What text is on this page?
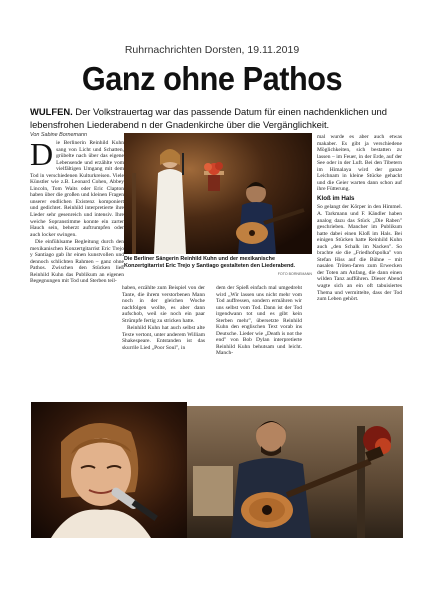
Ruhrnachrichten Dorsten, 19.11.2019
Ganz ohne Pathos
WULFEN. Der Volkstrauertag war das passende Datum für einen nachdenklichen und lebensfrohen Liederabend n der Gnadenkirche über die Vergänglichkeit.
Von Sabine Bornemann

Die Berlinerin Reinhild Kuhn sang von Licht und Schatten, grübelte nach über das eigene Lebensende und erzählte vom vielfältigen Umgang mit dem Tod in verschiedenen Kulturkreisen. Viele Künstler wie z.B. Leonard Cohen, Abbey Lincoln, Tom Waits oder Eric Clapton haben über die großen und kleinen Fragen unserer endlichen Existenz komponiert und gedichtet. Reinhild interpretierte ihre Lieder sehr gesenreich und intensiv. Ihre weiche Sopranstimme konnte ein zarter Hauch sein, beherzt auftrumpfen oder auch locker swingen.

Die einfühlsame Begleitung durch den mexikanischen Konzertgitarrist Eric Trejo y Santiago gab ihr einen kunstvollen und dennoch schlichten Rahmen – ganz ohne Pathos. Zwischen den Stücken ließ Reinhild Kuhn das Publikum an eigenen Begegnungen mit Tod und Sterben teil-

Die Berliner Sängerin Reinhild Kuhn und der mexikanische Konzertgitarrist Eric Trejo y Santiago gestalteten den Liederabend.
FOTO BORNEMANN

haben, erzählte zum Beispiel von der Tante, die ihrem verstorbenen Mann noch in der gleichen Woche nachfolgen wollte, es aber dann aufschob, weil sie noch ein paar Strümpfe fertig zu stricken hatte.

Reinhild Kuhn hat auch selbst alte Texte vertont, unter anderem William Shakespeare. Entstanden ist das skurrile Lied „Poor Soul", in

dem der Spieß einfach mal umgedreht wird „Wir lassen uns nicht mehr vom Tod auffressen, sondern ermähren wir uns selbst vom Tod. Dann ist der Tod irgendwann tot und es gibt kein Sterben mehr", übersetzte Reinhild Kuhn den englischen Text vorab ins Deutsche. Lieder wie „Death is not the end" von Bob Dylan interpretierte Reinhild Kuhn behutsam und leicht. Manch-

mal wurde es aber auch etwas makaber. Es gibt ja verschiedene Möglichkeiten, sich bestatten zu lassen – im Feuer, in der Erde, auf der See oder in der Luft. Bei den Tibetern im Himalaya wird der ganze Leichnam in kleine Stücke gehackt und die Geier warten dann schon auf ihre Fütterung.

Kloß im Hals

So gelangt der Körper in den Himmel. A. Tarkmann und F. Kändler haben analog dazu das Stück „Die Raben" geschrieben. Mancher im Publikum hatte dabei einen Kloß im Hals. Bei einigen Stücken hatte Reinhild Kuhn auch „den Schalk im Nacken". So brachte sie die „Friedhofspolka" von Stefan Hiss auf die Bühne – mit nasalen Tröten-faren zum Erwecken der Toten am Anfang, die dann einen wilden Tanz aufführen. Dieser Abend wagte sich an ein oft tabuisiertes Thema und vermittelte, dass der Tod zum Leben gehört.
